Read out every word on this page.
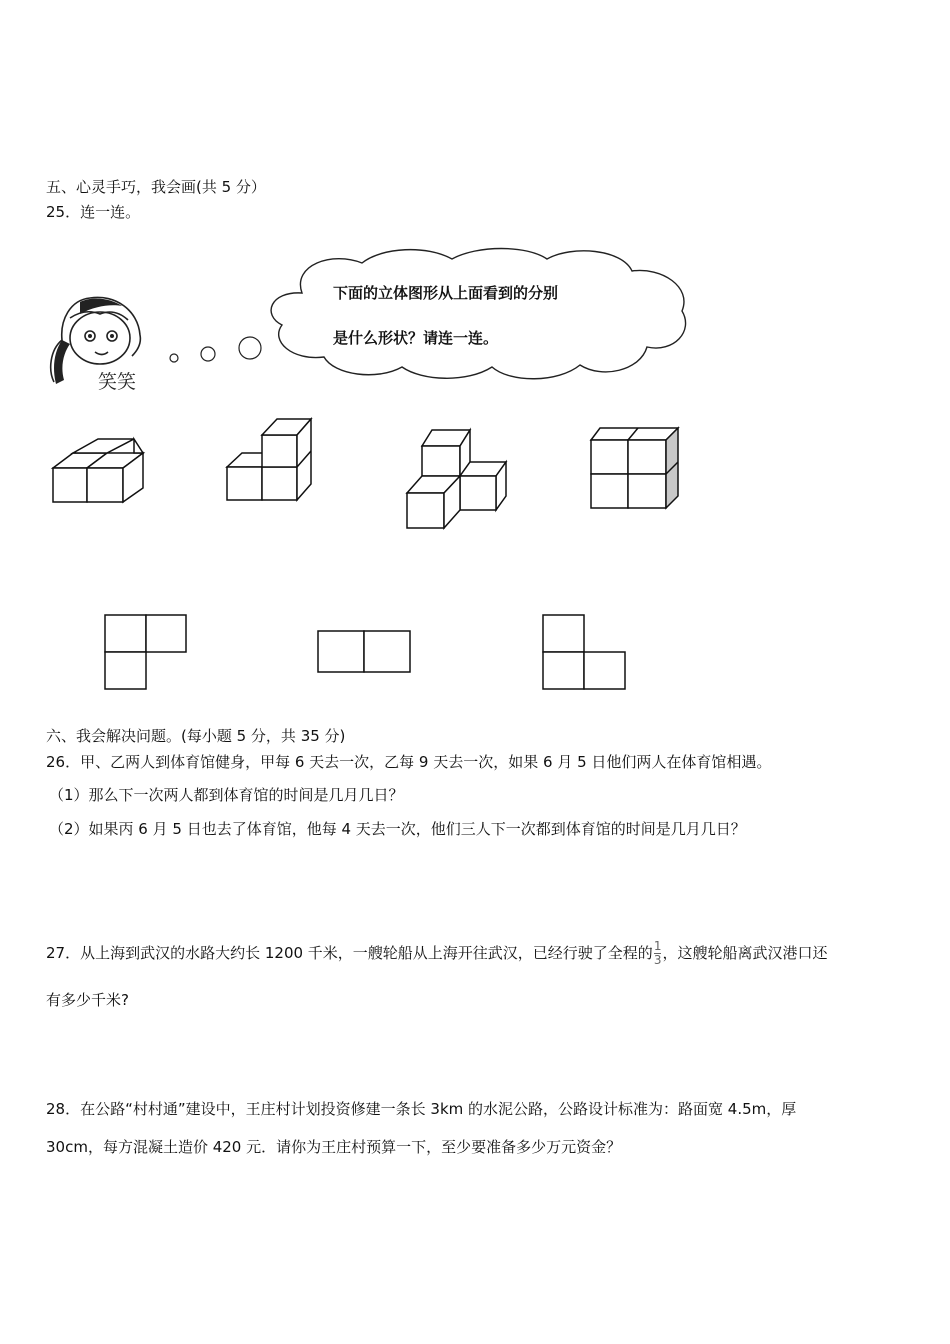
五、心灵手巧，我会画(共 5 分）
25．连一连。
笑笑
下面的立体图形从上面看到的分别
是什么形状？请连一连。
六、我会解决问题。(每小题 5 分，共 35 分)
26．甲、乙两人到体育馆健身，甲每 6 天去一次，乙每 9 天去一次，如果 6 月 5 日他们两人在体育馆相遇。
（1）那么下一次两人都到体育馆的时间是几月几日？
（2）如果丙 6 月 5 日也去了体育馆，他每 4 天去一次，他们三人下一次都到体育馆的时间是几月几日？
27．从上海到武汉的水路大约长 1200 千米，一艘轮船从上海开往武汉，已经行驶了全程的 $\frac{1}{3}$ ，这艘轮船离武汉港口还
有多少千米?
28．在公路“村村通”建设中，王庄村计划投资修建一条长 3km 的水泥公路，公路设计标准为：路面宽 4.5m，厚
30cm，每方混凝土造价 420 元．请你为王庄村预算一下，至少要准备多少万元资金？
